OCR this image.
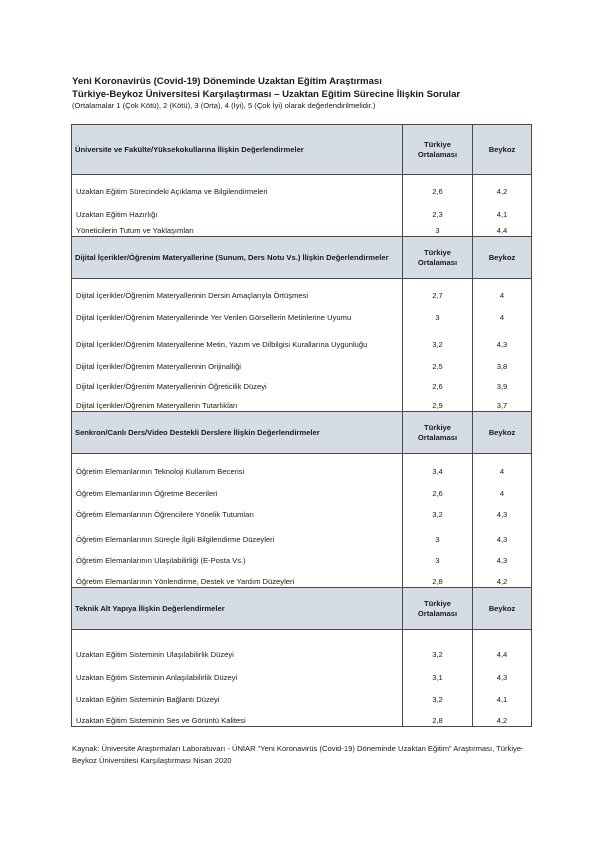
Yeni Koronavirüs (Covid-19) Döneminde Uzaktan Eğitim Araştırması
Türkiye-Beykoz Üniversitesi Karşılaştırması – Uzaktan Eğitim Sürecine İlişkin Sorular
(Ortalamalar 1 (Çok Kötü), 2 (Kötü), 3 (Orta), 4 (İyi), 5 (Çok İyi) olarak değerlendirilmelidir.)
Üniversite ve Fakülte/Yüksekokullarına İlişkin Değerlendirmeler	Türkiye Ortalaması	Beykoz
Uzaktan Eğitim Sürecindeki Açıklama ve Bilgilendirmeleri	2,6	4,2
Uzaktan Eğitim Hazırlığı	2,3	4,1
Yöneticilerin Tutum ve Yaklaşımları	3	4,4
Dijital İçerikler/Öğrenim Materyallerine (Sunum, Ders Notu Vs.) İlişkin Değerlendirmeler	Türkiye Ortalaması	Beykoz
Dijital İçerikler/Öğrenim Materyallerinin Dersin Amaçlarıyla Örtüşmesi	2,7	4
Dijital İçerikler/Öğrenim Materyallerinde Yer Verilen Görsellerin Metinlerine Uyumu	3	4
Dijital İçerikler/Öğrenim Materyallerine Metin, Yazım ve Dilbilgisi Kurallarına Uygunluğu	3,2	4,3
Dijital İçerikler/Öğrenim Materyallerinin Orijinalliği	2,5	3,8
Dijital İçerikler/Öğrenim Materyallerinin Öğreticilik Düzeyi	2,6	3,9
Dijital İçerikler/Öğrenim Materyallerin Tutarlıkları	2,9	3,7
Senkron/Canlı Ders/Video Destekli Derslere İlişkin Değerlendirmeler	Türkiye Ortalaması	Beykoz
Öğretim Elemanlarının Teknoloji Kullanım Becerisi	3,4	4
Öğretim Elemanlarının Öğretme Becerileri	2,6	4
Öğretim Elemanlarının Öğrencilere Yönelik Tutumları	3,2	4,3
Öğretim Elemanlarının Süreçle İlgili Bilgilendirme Düzeyleri	3	4,3
Öğretim Elemanlarının Ulaşılabilirliği (E-Posta Vs.)	3	4,3
Öğretim Elemanlarının Yönlendirme, Destek ve Yardım Düzeyleri	2,8	4,2
Teknik Alt Yapıya İlişkin Değerlendirmeler	Türkiye Ortalaması	Beykoz
Uzaktan Eğitim Sisteminin Ulaşılabilirlik Düzeyi	3,2	4,4
Uzaktan Eğitim Sisteminin Anlaşılabilirlik Düzeyi	3,1	4,3
Uzaktan Eğitim Sisteminin Bağlantı Düzeyi	3,2	4,1
Uzaktan Eğitim Sisteminin Ses ve Görüntü Kalitesi	2,8	4,2
Kaynak: Üniversite Araştırmaları Laboratuvarı - ÜNİAR “Yeni Koronavirüs (Covid-19) Döneminde Uzaktan Eğitim” Araştırması, Türkiye-Beykoz Üniversitesi Karşılaştırması Nisan 2020
